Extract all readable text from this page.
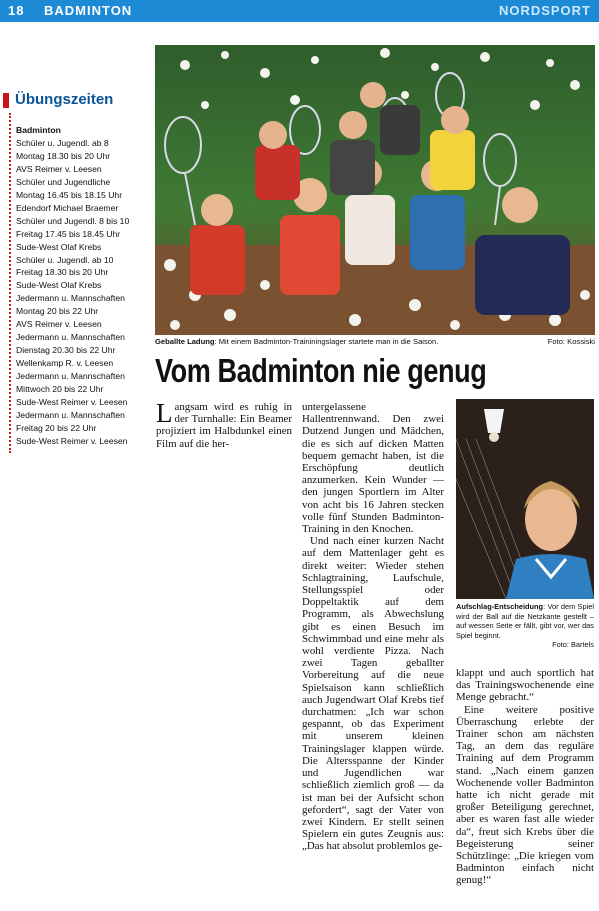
18 BADMINTON	NORDSPORT
Übungszeiten
Badminton
Schüler u. Jugendl. ab 8
Montag 18.30 bis 20 Uhr
AVS Reimer v. Leesen
Schüler und Jugendliche
Montag 16.45 bis 18.15 Uhr
Edendorf Michael Braemer
Schüler und Jugendl. 8 bis 10
Freitag 17.45 bis 18.45 Uhr
Sude-West Olaf Krebs
Schüler u. Jugendl. ab 10
Freitag 18.30 bis 20 Uhr
Sude-West Olaf Krebs
Jedermann u. Mannschaften
Montag 20 bis 22 Uhr
AVS Reimer v. Leesen
Jedermann u. Mannschaften
Dienstag 20.30 bis 22 Uhr
Wellenkamp R. v. Leesen
Jedermann u. Mannschaften
Mittwoch 20 bis 22 Uhr
Sude-West Reimer v. Leesen
Jedermann u. Mannschaften
Freitag 20 bis 22 Uhr
Sude-West Reimer v. Leesen
Geballte Ladung: Mit einem Badminton-Traininingslager startete man in die Saison.	Foto: Kossiski
Vom Badminton nie genug

Langsam wird es ruhig in der Turnhalle: Ein Beamer projiziert im Halbdunkel einen Film auf die her-

untergelassene Hallentrennwand. Den zwei Dutzend Jungen und Mädchen, die es sich auf dicken Matten bequem gemacht haben, ist die Erschöpfung deutlich anzumerken. Kein Wunder — den jungen Sportlern im Alter von acht bis 16 Jahren stecken volle fünf Stunden Badminton-Training in den Knochen.

Und nach einer kurzen Nacht auf dem Mattenlager geht es direkt weiter: Wieder stehen Schlagtraining, Laufschule, Stellungsspiel oder Doppeltaktik auf dem Programm, als Abwechslung gibt es einen Besuch im Schwimmbad und eine mehr als wohl verdiente Pizza. Nach zwei Tagen geballter Vorbereitung auf die neue Spielsaison kann schließlich auch Jugendwart Olaf Krebs tief durchatmen: „Ich war schon gespannt, ob das Experiment mit unserem kleinen Trainingslager klappen würde. Die Altersspanne der Kinder und Jugendlichen war schließlich ziemlich groß — da ist man bei der Aufsicht schon gefordert“, sagt der Vater von zwei Kindern. Er stellt seinen Spielern ein gutes Zeugnis aus: „Das hat absolut problemlos ge-

Aufschlag-Entscheidung: Vor dem Spiel wird der Ball auf die Netzkante gestellt – auf wessen Seite er fällt, gibt vor, wer das Spiel beginnt.
Foto: Bartels

klappt und auch sportlich hat das Trainingswochenende eine Menge gebracht.“

Eine weitere positive Überraschung erlebte der Trainer schon am nächsten Tag, an dem das reguläre Training auf dem Programm stand. „Nach einem ganzen Wochenende voller Badminton hatte ich nicht gerade mit großer Beteiligung gerechnet, aber es waren fast alle wieder da“, freut sich Krebs über die Begeisterung seiner Schützlinge: „Die kriegen vom Badminton einfach nicht genug!“
